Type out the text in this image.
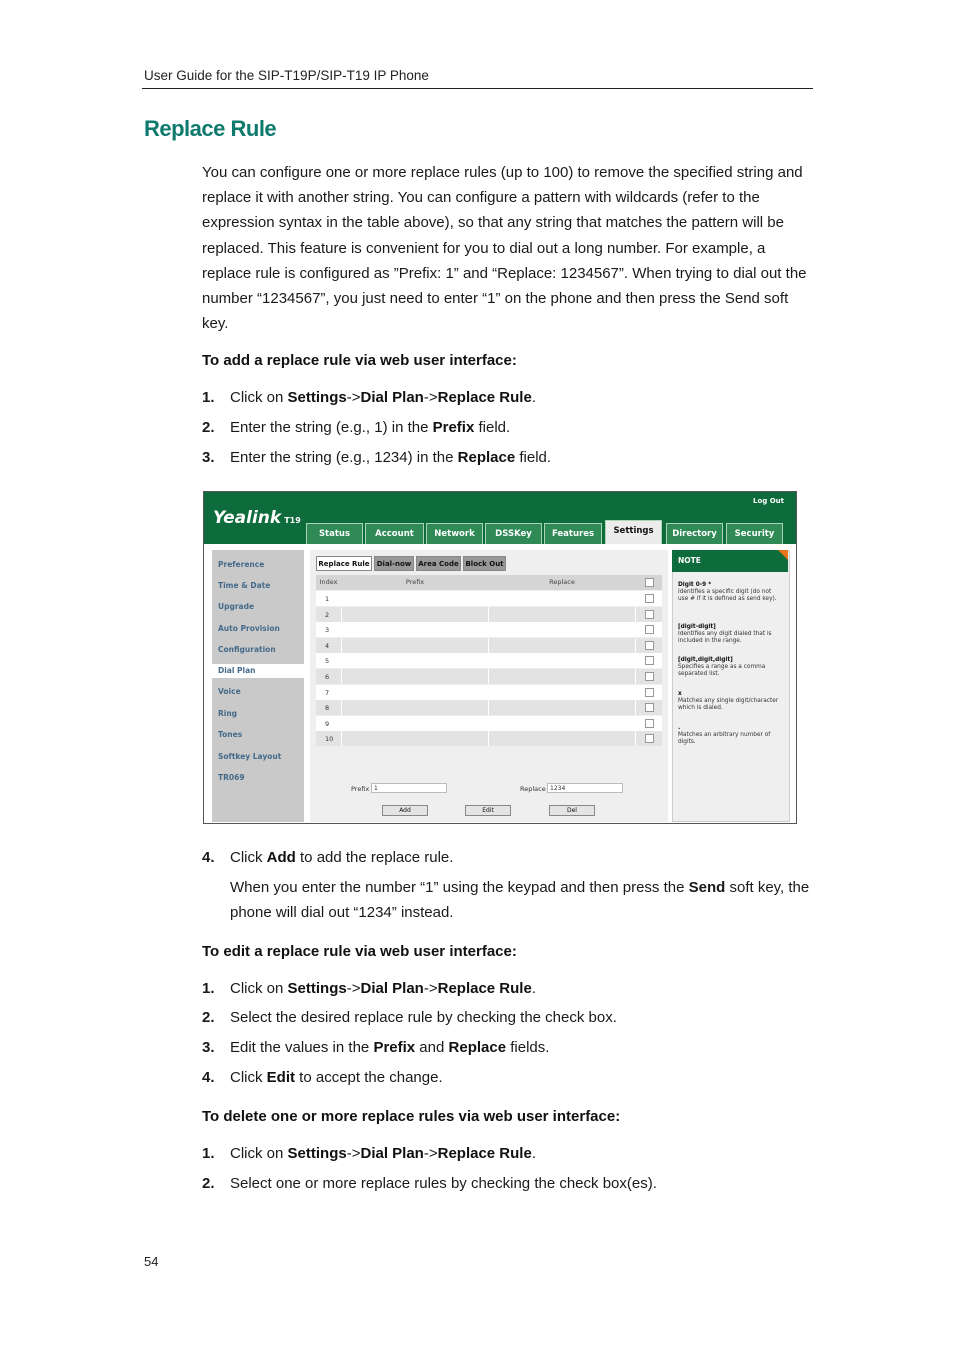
User Guide for the SIP-T19P/SIP-T19 IP Phone
Replace Rule

You can configure one or more replace rules (up to 100) to remove the specified string and replace it with another string. You can configure a pattern with wildcards (refer to the expression syntax in the table above), so that any string that matches the pattern will be replaced. This feature is convenient for you to dial out a long number. For example, a replace rule is configured as ”Prefix: 1” and “Replace: 1234567”. When trying to dial out the number “1234567”, you just need to enter “1” on the phone and then press the Send soft key.

To add a replace rule via web user interface:
1. Click on Settings->Dial Plan->Replace Rule.
2. Enter the string (e.g., 1) in the Prefix field.
3. Enter the string (e.g., 1234) in the Replace field.
Yealink T19
Log Out
Status	Account	Network	DSSKey	Features	Settings	Directory	Security
Preference
Time & Date
Upgrade
Auto Provision
Configuration
Dial Plan
Voice
Ring
Tones
Softkey Layout
TR069
Replace Rule	Dial-now	Area Code Block Out
Index	Prefix	Replace
Prefix 1	Replace 1234
Add	Edit	Del
NOTE
Digit 0-9 *
Identifies a specific digit (do not use # if it is defined as send key).
[digit-digit]
Identifies any digit dialed that is included in the range.
[digit,digit,digit]
Specifies a range as a comma separated list.
x
Matches any single digit/character which is dialed.
.
Matches an arbitrary number of digits.
1
2
3
4
5
6
7
8
9
10
4. Click Add to add the replace rule.
When you enter the number “1” using the keypad and then press the Send soft key, the phone will dial out “1234” instead.
To edit a replace rule via web user interface:
1. Click on Settings->Dial Plan->Replace Rule.
2. Select the desired replace rule by checking the check box.
3. Edit the values in the Prefix and Replace fields.
4. Click Edit to accept the change.
To delete one or more replace rules via web user interface:
1. Click on Settings->Dial Plan->Replace Rule.
2. Select one or more replace rules by checking the check box(es).
54
